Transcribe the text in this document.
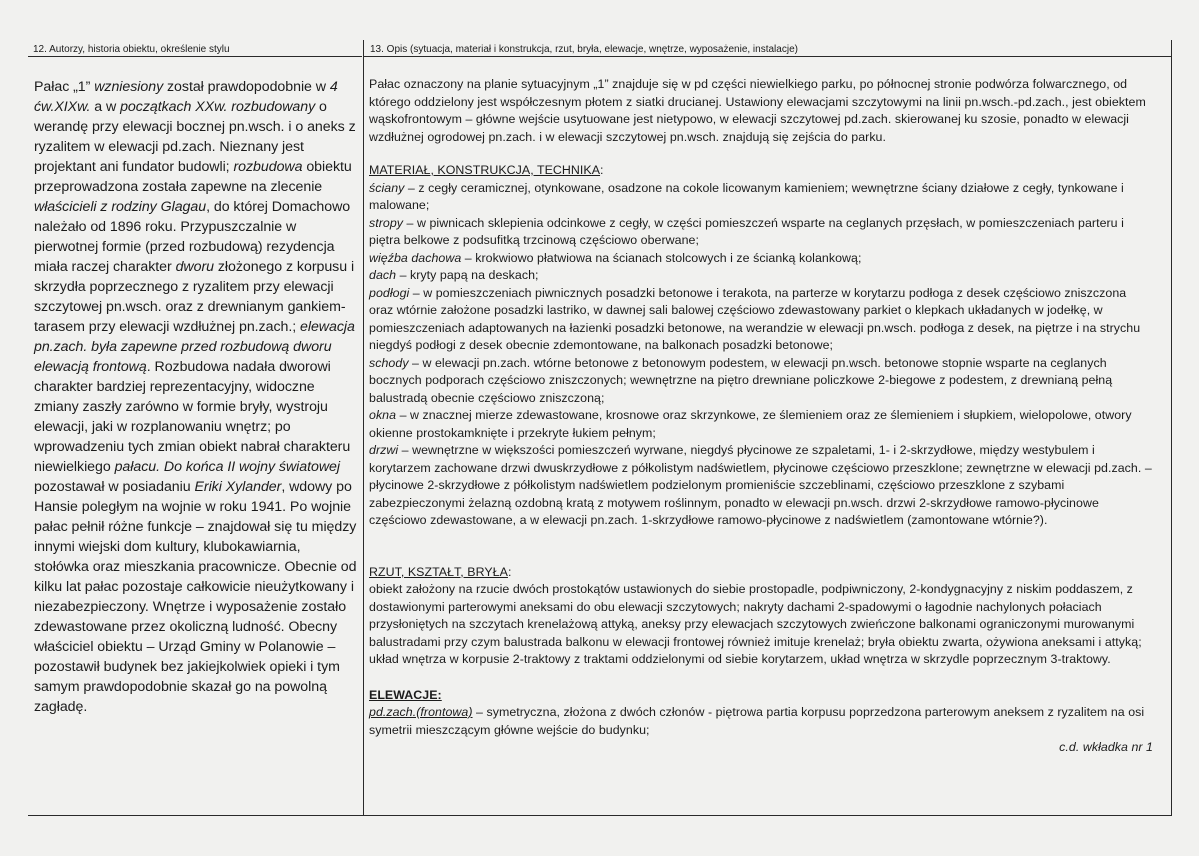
12. Autorzy, historia obiektu, określenie stylu	13. Opis (sytuacja, materiał i konstrukcja, rzut, bryła, elewacje, wnętrze, wyposażenie, instalacje)
Pałac „1” wzniesiony został prawdopodobnie w 4 ćw.XIXw. a w początkach XXw. rozbudowany o werandę przy elewacji bocznej pn.wsch. i o aneks z ryzalitem w elewacji pd.zach. Nieznany jest projektant ani fundator budowli; rozbudowa obiektu przeprowadzona została zapewne na zlecenie właścicieli z rodziny Glagau, do której Domachowo należało od 1896 roku. Przypuszczalnie w pierwotnej formie (przed rozbudową) rezydencja miała raczej charakter dworu złożonego z korpusu i skrzydła poprzecznego z ryzalitem przy elewacji szczytowej pn.wsch. oraz z drewnianym gankiem-tarasem przy elewacji wzdłużnej pn.zach.; elewacja pn.zach. była zapewne przed rozbudową dworu elewacją frontową. Rozbudowa nadała dworowi charakter bardziej reprezentacyjny, widoczne zmiany zaszły zarówno w formie bryły, wystroju elewacji, jaki w rozplanowaniu wnętrz; po wprowadzeniu tych zmian obiekt nabrał charakteru niewielkiego pałacu. Do końca II wojny światowej pozostawał w posiadaniu Eriki Xylander, wdowy po Hansie poległym na wojnie w roku 1941. Po wojnie pałac pełnił różne funkcje – znajdował się tu między innymi wiejski dom kultury, klubokawiarnia, stołówka oraz mieszkania pracownicze. Obecnie od kilku lat pałac pozostaje całkowicie nieużytkowany i niezabezpieczony. Wnętrze i wyposażenie zostało zdewastowane przez okoliczną ludność. Obecny właściciel obiektu – Urząd Gminy w Polanowie – pozostawił budynek bez jakiejkolwiek opieki i tym samym prawdopodobnie skazał go na powolną zagładę.

Pałac oznaczony na planie sytuacyjnym „1” znajduje się w pd części niewielkiego parku, po północnej stronie podwórza folwarcznego, od którego oddzielony jest współczesnym płotem z siatki drucianej. Ustawiony elewacjami szczytowymi na linii pn.wsch.-pd.zach., jest obiektem wąskofrontowym – główne wejście usytuowane jest nietypowo, w elewacji szczytowej pd.zach. skierowanej ku szosie, ponadto w elewacji wzdłużnej ogrodowej pn.zach. i w elewacji szczytowej pn.wsch. znajdują się zejścia do parku.

MATERIAŁ, KONSTRUKCJA, TECHNIKA:

ściany – z cegły ceramicznej, otynkowane, osadzone na cokole licowanym kamieniem; wewnętrzne ściany działowe z cegły, tynkowane i malowane;

stropy – w piwnicach sklepienia odcinkowe z cegły, w części pomieszczeń wsparte na ceglanych przęsłach, w pomieszczeniach parteru i piętra belkowe z podsufitką trzcinową częściowo oberwane;

więźba dachowa – krokwiowo płatwiowa na ścianach stolcowych i ze ścianką kolankową;

dach – kryty papą na deskach;

podłogi – w pomieszczeniach piwnicznych posadzki betonowe i terakota, na parterze w korytarzu podłoga z desek częściowo zniszczona oraz wtórnie założone posadzki lastriko, w dawnej sali balowej częściowo zdewastowany parkiet o klepkach układanych w jodełkę, w pomieszczeniach adaptowanych na łazienki posadzki betonowe, na werandzie w elewacji pn.wsch. podłoga z desek, na piętrze i na strychu niegdyś podłogi z desek obecnie zdemontowane, na balkonach posadzki betonowe;

schody – w elewacji pn.zach. wtórne betonowe z betonowym podestem, w elewacji pn.wsch. betonowe stopnie wsparte na ceglanych bocznych podporach częściowo zniszczonych; wewnętrzne na piętro drewniane policzkowe 2-biegowe z podestem, z drewnianą pełną balustradą obecnie częściowo zniszczoną;

okna – w znacznej mierze zdewastowane, krosnowe oraz skrzynkowe, ze ślemieniem oraz ze ślemieniem i słupkiem, wielopolowe, otwory okienne prostokamknięte i przekryte łukiem pełnym;

drzwi – wewnętrzne w większości pomieszczeń wyrwane, niegdyś płycinowe ze szpaletami, 1- i 2-skrzydłowe, między westybulem i korytarzem zachowane drzwi dwuskrzydłowe z półkolistym nadświetlem, płycinowe częściowo przeszklone; zewnętrzne w elewacji pd.zach. – płycinowe 2-skrzydłowe z półkolistym nadświetlem podzielonym promieniście szczeblinami, częściowo przeszklone z szybami zabezpieczonymi żelazną ozdobną kratą z motywem roślinnym, ponadto w elewacji pn.wsch. drzwi 2-skrzydłowe ramowo-płycinowe częściowo zdewastowane, a w elewacji pn.zach. 1-skrzydłowe ramowo-płycinowe z nadświetlem (zamontowane wtórnie?).

RZUT, KSZTAŁT, BRYŁA:

obiekt założony na rzucie dwóch prostokątów ustawionych do siebie prostopadle, podpiwniczony, 2-kondygnacyjny z niskim poddaszem, z dostawionymi parterowymi aneksami do obu elewacji szczytowych; nakryty dachami 2-spadowymi o łagodnie nachylonych połaciach przysłoniętych na szczytach krenelażową attyką, aneksy przy elewacjach szczytowych zwieńczone balkonami ograniczonymi murowanymi balustradami przy czym balustrada balkonu w elewacji frontowej również imituje krenelaż; bryła obiektu zwarta, ożywiona aneksami i attyką; układ wnętrza w korpusie 2-traktowy z traktami oddzielonymi od siebie korytarzem, układ wnętrza w skrzydle poprzecznym 3-traktowy.

ELEWACJE:

pd.zach.(frontowa) – symetryczna, złożona z dwóch członów - piętrowa partia korpusu poprzedzona parterowym aneksem z ryzalitem na osi symetrii mieszczącym główne wejście do budynku;

c.d. wkładka nr 1
